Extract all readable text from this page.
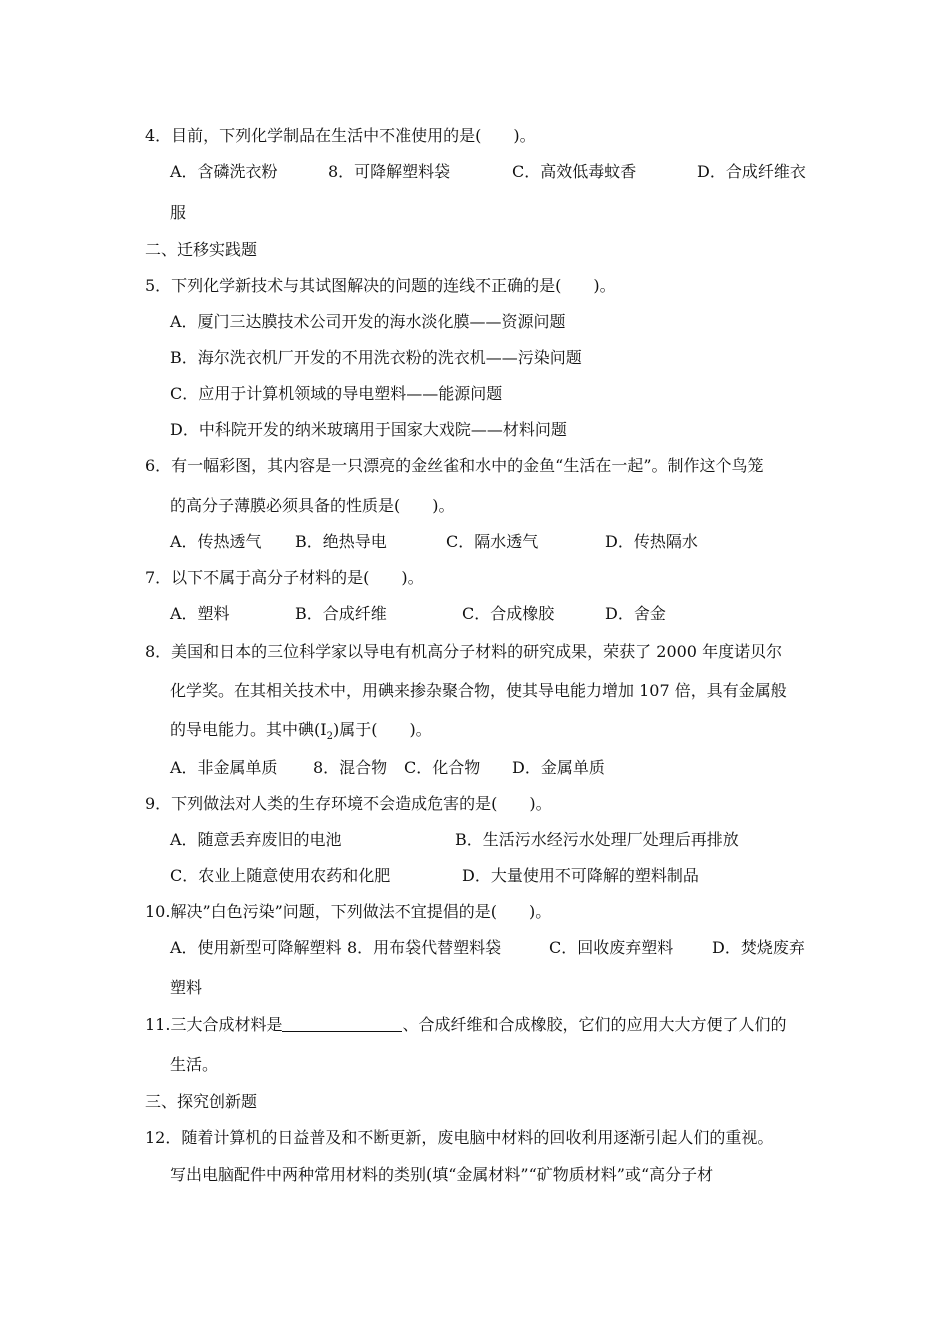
4．目前，下列化学制品在生活中不准使用的是(　　)。
A．含磷洗衣粉	8．可降解塑料袋	C．高效低毒蚊香	D．合成纤维衣
服
二、迁移实践题
5．下列化学新技术与其试图解决的问题的连线不正确的是(　　)。
A．厦门三达膜技术公司开发的海水淡化膜——资源问题
B．海尔洗衣机厂开发的不用洗衣粉的洗衣机——污染问题
C．应用于计算机领域的导电塑料——能源问题
D．中科院开发的纳米玻璃用于国家大戏院——材料问题
6．有一幅彩图，其内容是一只漂亮的金丝雀和水中的金鱼“生活在一起”。制作这个鸟笼
的高分子薄膜必须具备的性质是(　　)。
A．传热透气 B．绝热导电	C．隔水透气	D．传热隔水
7．以下不属于高分子材料的是(　　)。
A．塑料	B．合成纤维	C．合成橡胶	D．舍金
8．美国和日本的三位科学家以导电有机高分子材料的研究成果，荣获了 2000 年度诺贝尔
化学奖。在其相关技术中，用碘来掺杂聚合物，使其导电能力增加 107 倍，具有金属般
的导电能力。其中碘$(I_2)$属于(　　)。
A．非金属单质 8．混合物 C．化合物 D．金属单质
9．下列做法对人类的生存环境不会造成危害的是(　　)。
A．随意丢弃废旧的电池	B．生活污水经污水处理厂处理后再排放
C．农业上随意使用农药和化肥	D．大量使用不可降解的塑料制品
10.解决”白色污染”问题，下列做法不宜提倡的是(　　)。
A．使用新型可降解塑料 8．用布袋代替塑料袋	C．回收废弃塑料 D．焚烧废弃
塑料
11.三大合成材料是	、合成纤维和合成橡胶，它们的应用大大方便了人们的
生活。
三、探究创新题
12．随着计算机的日益普及和不断更新，废电脑中材料的回收利用逐渐引起人们的重视。
写出电脑配件中两种常用材料的类别(填“金属材料”“矿物质材料”或“高分子材
